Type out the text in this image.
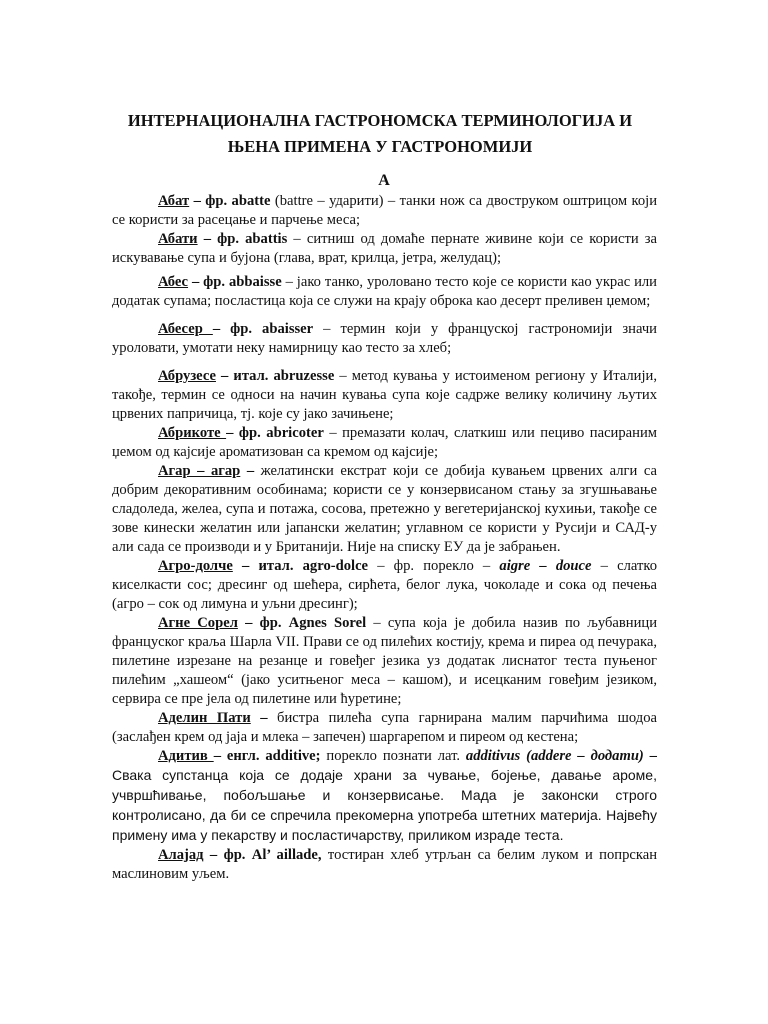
ИНТЕРНАЦИОНАЛНА ГАСТРОНОМСКА ТЕРМИНОЛОГИЈА И
ЊЕНА ПРИМЕНА У ГАСТРОНОМИЈИ
А

Абат – фр. abatte (battre – ударити) – танки нож са двоструком оштрицом који се користи за расецање и парчење меса;

Абати – фр. abattis – ситниш од домаће пернате живине који се користи за искувавање супа и бујона (глава, врат, крилца, јетра, желудац);

Абес – фр. abbaisse – јако танко, уроловано тесто које се користи као украс или додатак супама; посластица која се служи на крају оброка као десерт преливен џемом;

Абесер – фр. abaisser – термин који у француској гастрономији значи уроловати, умотати неку намирницу као тесто за хлеб;

Абрузесе – итал. abruzesse – метод кувања у истоименом региону у Италији, такође, термин се односи на начин кувања супа које садрже велику количину љутих црвених папричица, тј. које су јако зачињене;

Абрикоте – фр. abricoter – премазати колач, слаткиш или пециво пасираним џемом од кајсије ароматизован са кремом од кајсије;

Агар – агар – желатински екстрат који се добија кувањем црвених алги са добрим декоративним особинама; користи се у конзервисаном стању за згушњавање сладоледа, желеа, супа и потажа, сосова, претежно у вегетеријанској кухињи, такође се зове кинески желатин или јапански желатин; углавном се користи у Русији и САД-у али сада се производи и у Британији. Није на списку ЕУ да је забрањен.

Агро-долче – итал. agro-dolce – фр. порекло – aigre – douce – слатко киселкасти сос; дресинг од шећера, сирћета, белог лука, чоколаде и сока од печења (агро – сок од лимуна и уљни дресинг);

Агне Сорел – фр. Agnes Sorel – супа која је добила назив по љубавници француског краља Шарла VII. Прави се од пилећих костију, крема и пиреа од печурака, пилетине изрезане на резанце и говеђег језика уз додатак лиснатог теста пуњеног пилећим „хашеом“ (јако уситњеног меса – кашом), и исецканим говеђим језиком, сервира се пре јела од пилетине или ћуретине;

Аделин Пати – бистра пилећа супа гарнирана малим парчићима шодоа (заслађен крем од јаја и млека – запечен) шаргарепом и пиреом од кестена;

Адитив – енгл. additive; порекло познати лат. additivus (addere – додати) – Свака супстанца која се додаје храни за чување, бојење, давање ароме, учвршћивање, побољшање и конзервисање. Мада је законски строго контролисано, да би се спречила прекомерна употреба штетних материја. Највећу примену има у пекарству и посластичарству, приликом израде теста.

Алајад – фр. Al’ aillade, тостиран хлеб утрљан са белим луком и попрскан маслиновим уљем.
